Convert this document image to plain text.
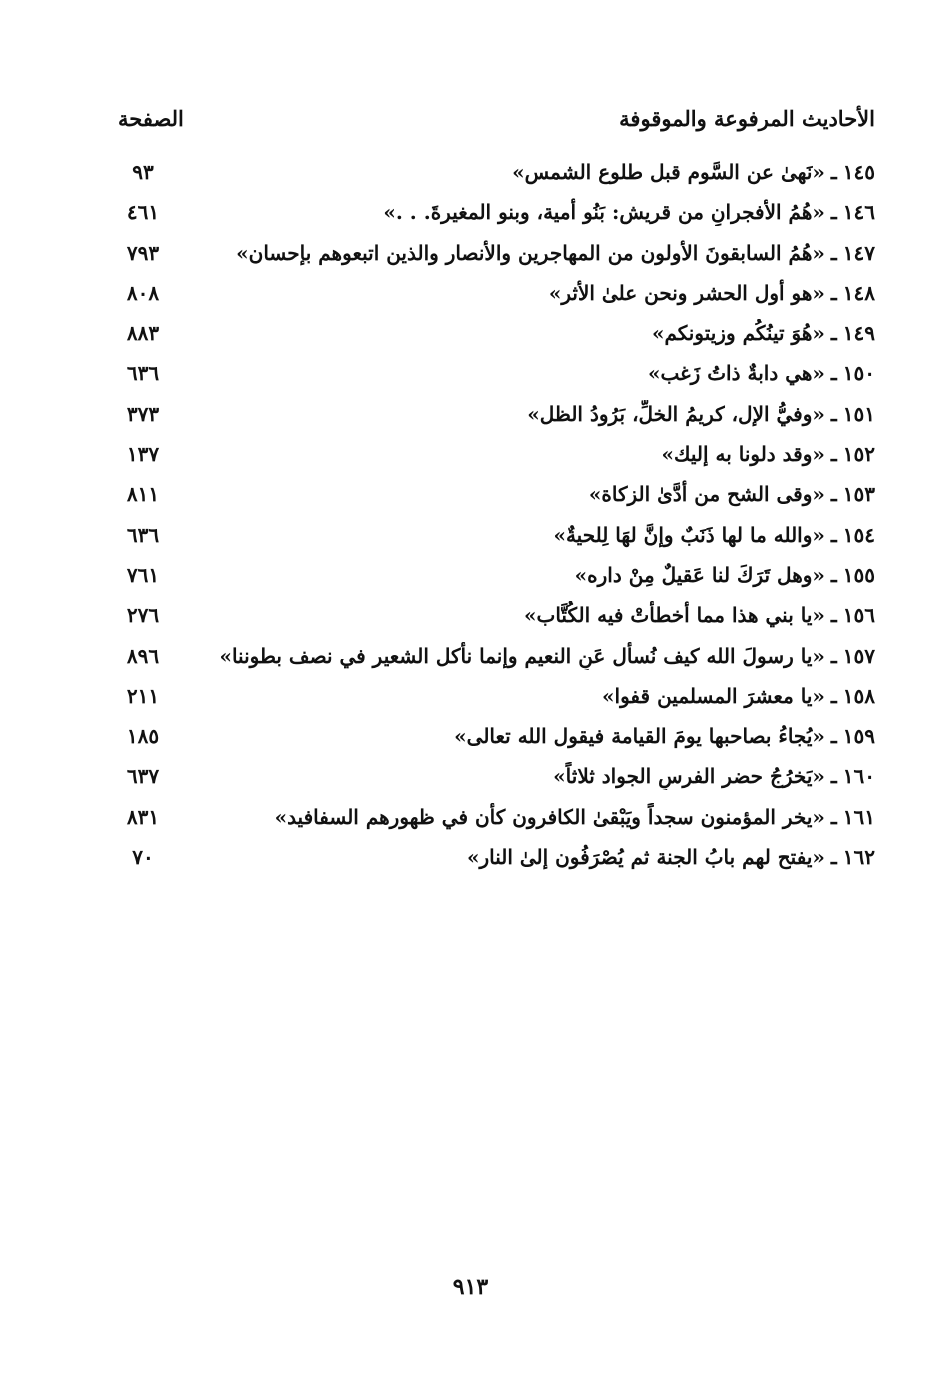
الأحاديث المرفوعة والموقوفة
الصفحة
١٤٥ـ«نَهىٰ عن السَّوم قبل طلوع الشمس»
٩٣
١٤٦ـ«هُمُ الأفجرانِ من قريش: بَنُو أمية، وبنو المغيرةَ. . .»
٤٦١
١٤٧ـ«هُمُ السابقونَ الأولون من المهاجرين والأنصار والذين اتبعوهم بإحسان»
٧٩٣
١٤٨ـ«هو أول الحشر ونحن علىٰ الأثر»
٨٠٨
١٤٩ـ«هُوَ تينُكُم وزيتونكم»
٨٨٣
١٥٠ـ«هي دابةٌ ذاتُ زَغب»
٦٣٦
١٥١ـ«وفيُّ الإل، كريمُ الخلِّ، بَرُودُ الظل»
٣٧٣
١٥٢ـ«وقد دلونا به إليك»
١٣٧
١٥٣ـ«وقى الشح من أدَّىٰ الزكاة»
٨١١
١٥٤ـ«والله ما لها ذَنَبٌ وإنَّ لهَا لِلحيةٌ»
٦٣٦
١٥٥ـ«وهل تَرَكَ لنا عَقيلٌ مِنْ داره»
٧٦١
١٥٦ـ«يا بني هذا مما أخطأتْ فيه الكُتَّاب»
٢٧٦
١٥٧ـ«يا رسولَ الله كيف نُسأل عَنِ النعيم وإنما نأكل الشعير في نصف بطوننا»
٨٩٦
١٥٨ـ«يا معشرَ المسلمين قفوا»
٢١١
١٥٩ـ«يُجاءُ بصاحبها يومَ القيامة فيقول الله تعالى»
١٨٥
١٦٠ـ«يَخرُجُ حضر الفرسِ الجواد ثلاثاً»
٦٣٧
١٦١ـ«يخر المؤمنون سجداً ويَبْقىٰ الكافرون كأن في ظهورهم السفافيد»
٨٣١
١٦٢ـ«يفتح لهم بابُ الجنة ثم يُصْرَفُون إلىٰ النار»
٧٠
٩١٣
